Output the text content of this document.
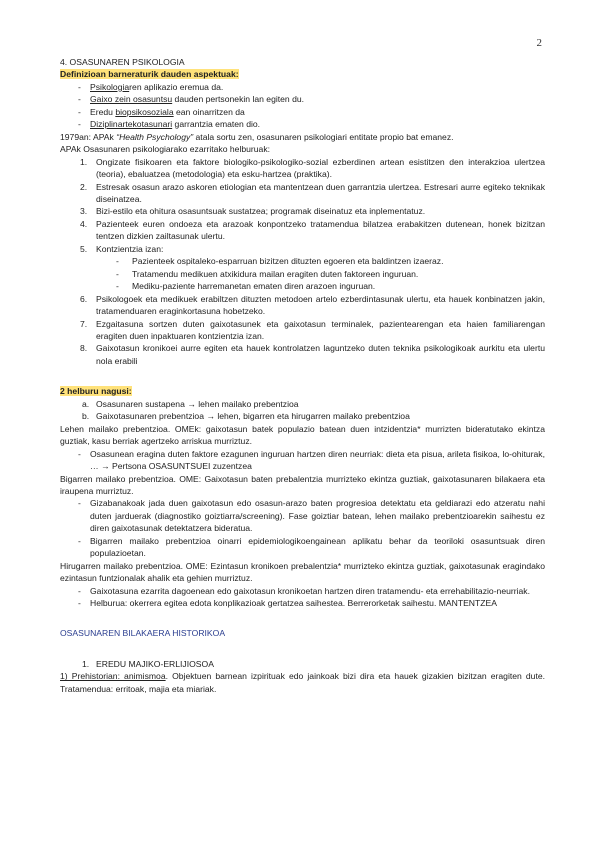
2

4. OSASUNAREN PSIKOLOGIA

Definizioan barneraturik dauden aspektuak:

- Psikologiaren aplikazio eremua da.
- Gaixo zein osasuntsu dauden pertsonekin lan egiten du.
- Eredu biopsikosoziala ean oinarritzen da
- Diziplinartekotasunari garrantzia ematen dio.

1979an: APAk “Health Psychology” atala sortu zen, osasunaren psikologiari entitate propio bat emanez.

APAk Osasunaren psikologiarako ezarritako helburuak:

1. Ongizate fisikoaren eta faktore biologiko-psikologiko-sozial ezberdinen artean esistitzen den interakzioa ulertzea (teoria), ebaluatzea (metodologia) eta esku-hartzea (praktika).
2. Estresak osasun arazo askoren etiologian eta mantentzean duen garrantzia ulertzea. Estresari aurre egiteko teknikak diseinatzea.
3. Bizi-estilo eta ohitura osasuntsuak sustatzea; programak diseinatuz eta inplementatuz.
4. Pazienteek euren ondoeza eta arazoak konpontzeko tratamendua bilatzea erabakitzen dutenean, honek bizitzan tentzen dizkien zailtasunak ulertu.
5. Kontzientzia izan:
- Pazienteek ospitaleko-esparruan bizitzen dituzten egoeren eta baldintzen izaeraz.
- Tratamendu medikuen atxikidura mailan eragiten duten faktoreen inguruan.
- Mediku-paziente harremanetan ematen diren arazoen inguruan.
6. Psikologoek eta medikuek erabiltzen dituzten metodoen artelo ezberdintasunak ulertu, eta hauek konbinatzen jakin, tratamenduaren eraginkortasuna hobetzeko.
7. Ezgaitasuna sortzen duten gaixotasunek eta gaixotasun terminalek, pazientearengan eta haien familiarengan eragiten duen inpaktuaren kontzientzia izan.
8. Gaixotasun kronikoei aurre egiten eta hauek kontrolatzen laguntzeko duten teknika psikologikoak aurkitu eta ulertu nola erabili

2 helburu nagusi:

a. Osasunaren sustapena → lehen mailako prebentzioa
b. Gaixotasunaren prebentzioa → lehen, bigarren eta hirugarren mailako prebentzioa

Lehen mailako prebentzioa. OMEk: gaixotasun batek populazio batean duen intzidentzia* murrizten bideratutako ekintza guztiak, kasu berriak agertzeko arriskua murriztuz.

- Osasunean eragina duten faktore ezagunen inguruan hartzen diren neurriak: dieta eta pisua, arileta fisikoa, lo-ohiturak, … → Pertsona OSASUNTSUEI zuzentzea

Bigarren mailako prebentzioa. OME: Gaixotasun baten prebalentzia murrizteko ekintza guztiak, gaixotasunaren bilakaera eta iraupena murriztuz.

- Gizabanakoak jada duen gaixotasun edo osasun-arazo baten progresioa detektatu eta geldiarazi edo atzeratu nahi duten jarduerak (diagnostiko goiztiarra/screening). Fase goiztiar batean, lehen mailako prebentzioarekin saihestu ez diren gaixotasunak detektatzera bideratua.
- Bigarren mailako prebentzioa oinarri epidemiologikoengainean aplikatu behar da teoriloki osasuntsuak diren populazioetan.

Hirugarren mailako prebentzioa. OME: Ezintasun kronikoen prebalentzia* murrizteko ekintza guztiak, gaixotasunak eragindako ezintasun funtzionalak ahalik eta gehien murriztuz.

- Gaixotasuna ezarrita dagoenean edo gaixotasun kronikoetan hartzen diren tratamendu- eta errehabilitazio-neurriak.
- Helburua: okerrera egitea edota konplikazioak gertatzea saihestea. Berrerorketak saihestu. MANTENTZEA

OSASUNAREN BILAKAERA HISTORIKOA

1. EREDU MAJIKO-ERLIJIOSOA

1) Prehistorian: animismoa. Objektuen barnean izpirituak edo jainkoak bizi dira eta hauek gizakien bizitzan eragiten dute. Tratamendua: erritoak, majia eta miariak.
